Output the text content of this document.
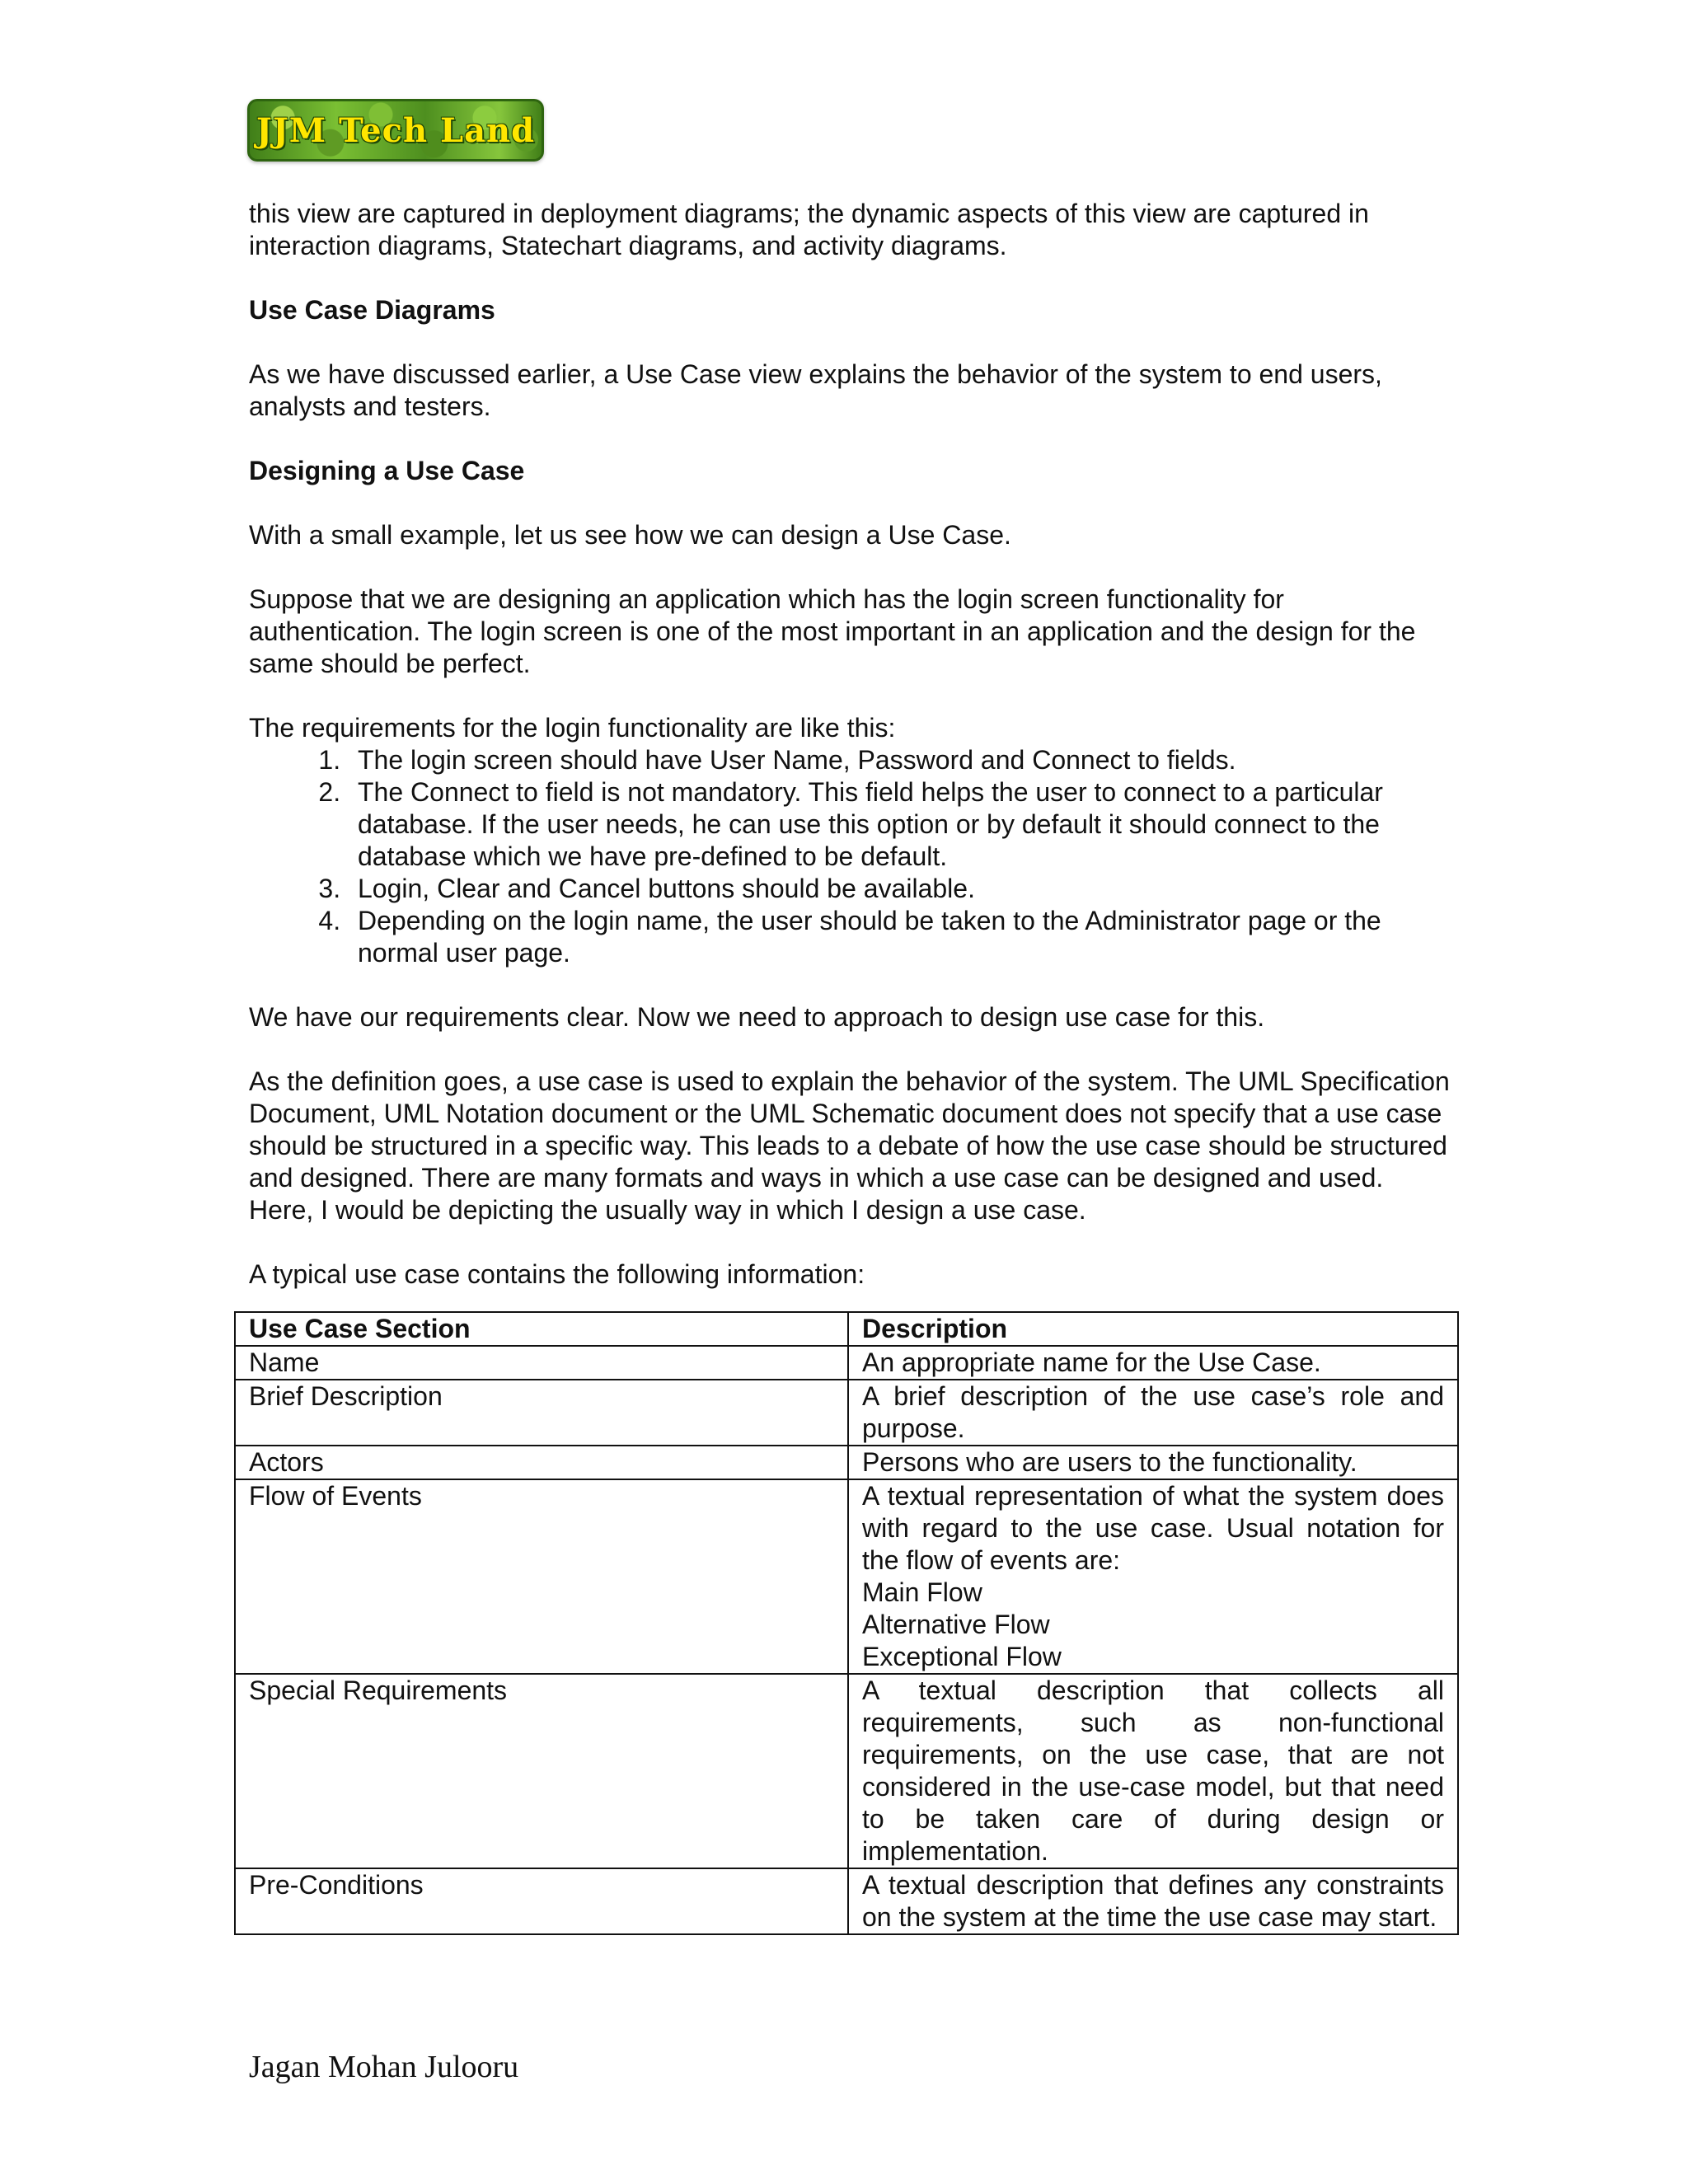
JJM Tech Land

this view are captured in deployment diagrams; the dynamic aspects of this view are captured in interaction diagrams, Statechart diagrams, and activity diagrams.

Use Case Diagrams

As we have discussed earlier, a Use Case view explains the behavior of the system to end users, analysts and testers.

Designing a Use Case

With a small example, let us see how we can design a Use Case.

Suppose that we are designing an application which has the login screen functionality for authentication. The login screen is one of the most important in an application and the design for the same should be perfect.

The requirements for the login functionality are like this:

1. The login screen should have User Name, Password and Connect to fields.
2. The Connect to field is not mandatory. This field helps the user to connect to a particular database. If the user needs, he can use this option or by default it should connect to the database which we have pre-defined to be default.
3. Login, Clear and Cancel buttons should be available.
4. Depending on the login name, the user should be taken to the Administrator page or the normal user page.

We have our requirements clear. Now we need to approach to design use case for this.

As the definition goes, a use case is used to explain the behavior of the system. The UML Specification Document, UML Notation document or the UML Schematic document does not specify that a use case should be structured in a specific way. This leads to a debate of how the use case should be structured and designed. There are many formats and ways in which a use case can be designed and used. Here, I would be depicting the usually way in which I design a use case.

A typical use case contains the following information:

Use Case Section	Description
Name	An appropriate name for the Use Case.
Brief Description	A brief description of the use case’s role and purpose.
Actors	Persons who are users to the functionality.
Flow of Events	A textual representation of what the system does with regard to the use case. Usual notation for the flow of events are:
Main Flow
Alternative Flow
Exceptional Flow

Special Requirements	A textual description that collects all requirements, such as non-functional requirements, on the use case, that are not considered in the use-case model, but that need to be taken care of during design or implementation.
Pre-Conditions	A textual description that defines any constraints on the system at the time the use case may start.
Jagan Mohan Julooru
